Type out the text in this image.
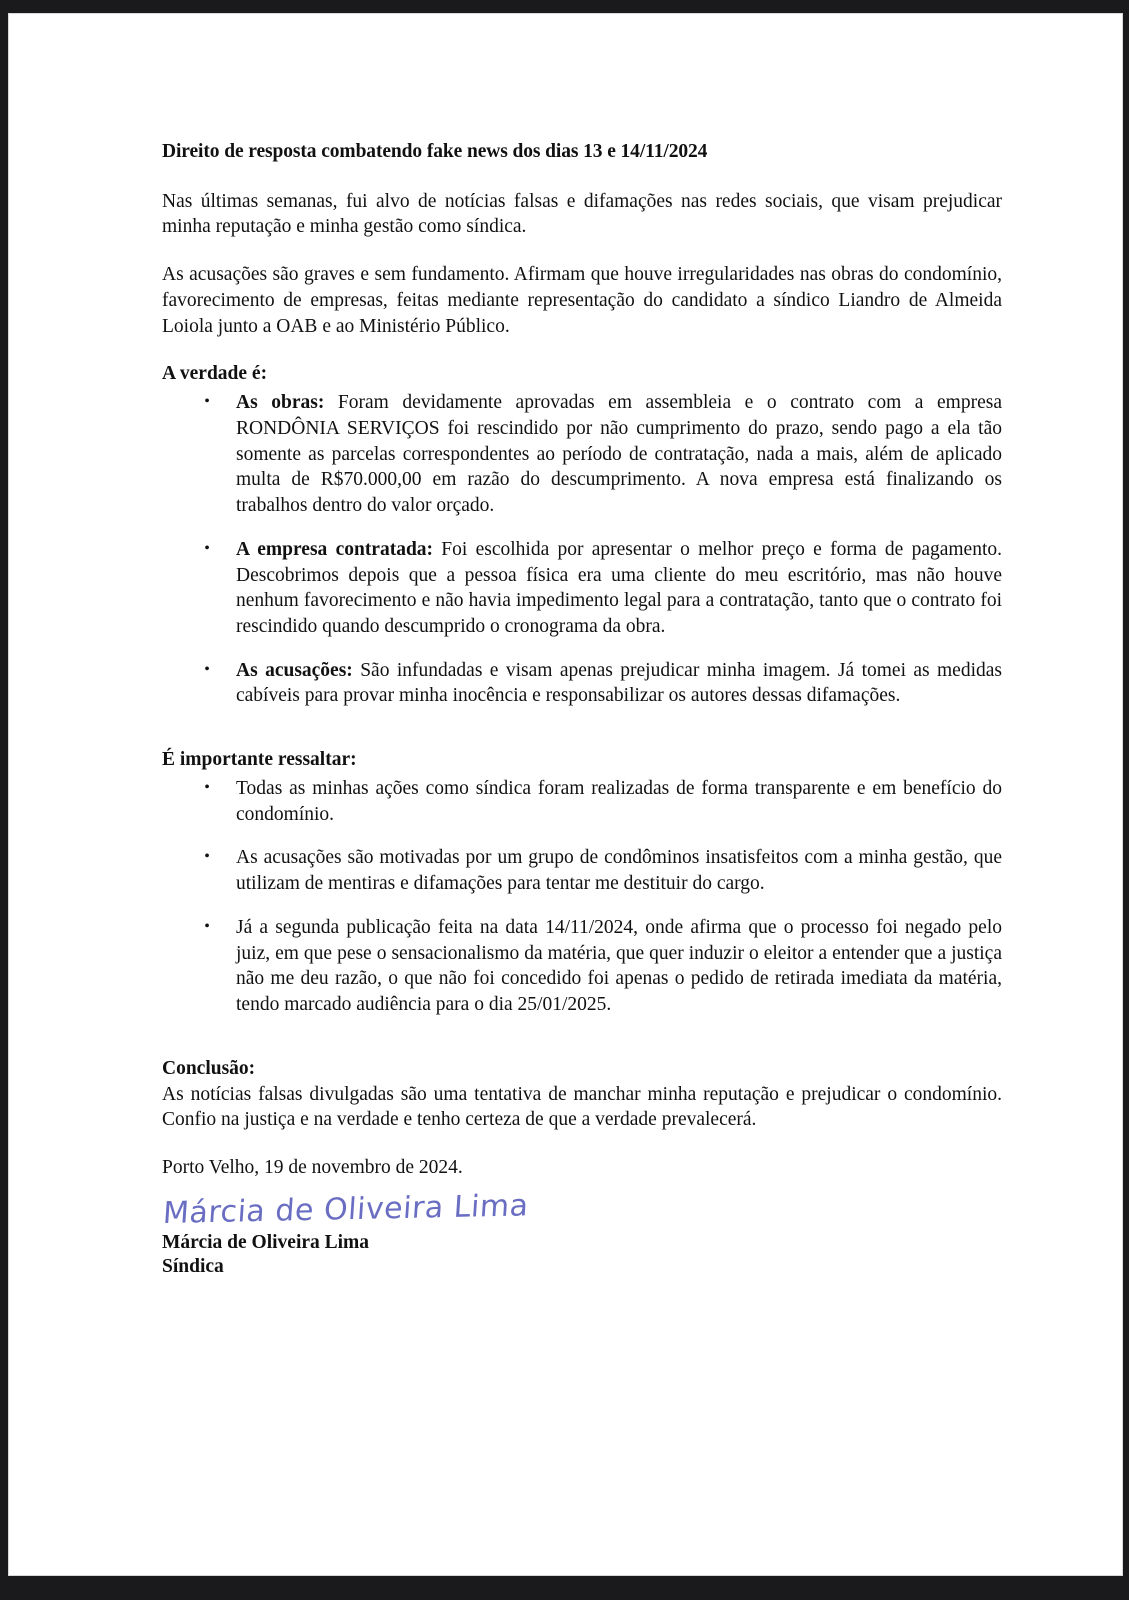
Direito de resposta combatendo fake news dos dias 13 e 14/11/2024

Nas últimas semanas, fui alvo de notícias falsas e difamações nas redes sociais, que visam prejudicar minha reputação e minha gestão como síndica.

As acusações são graves e sem fundamento. Afirmam que houve irregularidades nas obras do condomínio, favorecimento de empresas, feitas mediante representação do candidato a síndico Liandro de Almeida Loiola junto a OAB e ao Ministério Público.

A verdade é:
• As obras: Foram devidamente aprovadas em assembleia e o contrato com a empresa RONDÔNIA SERVIÇOS foi rescindido por não cumprimento do prazo, sendo pago a ela tão somente as parcelas correspondentes ao período de contratação, nada a mais, além de aplicado multa de R$70.000,00 em razão do descumprimento. A nova empresa está finalizando os trabalhos dentro do valor orçado.
• A empresa contratada: Foi escolhida por apresentar o melhor preço e forma de pagamento. Descobrimos depois que a pessoa física era uma cliente do meu escritório, mas não houve nenhum favorecimento e não havia impedimento legal para a contratação, tanto que o contrato foi rescindido quando descumprido o cronograma da obra.
• As acusações: São infundadas e visam apenas prejudicar minha imagem. Já tomei as medidas cabíveis para provar minha inocência e responsabilizar os autores dessas difamações.
É importante ressaltar:
• Todas as minhas ações como síndica foram realizadas de forma transparente e em benefício do condomínio.
• As acusações são motivadas por um grupo de condôminos insatisfeitos com a minha gestão, que utilizam de mentiras e difamações para tentar me destituir do cargo.
• Já a segunda publicação feita na data 14/11/2024, onde afirma que o processo foi negado pelo juiz, em que pese o sensacionalismo da matéria, que quer induzir o eleitor a entender que a justiça não me deu razão, o que não foi concedido foi apenas o pedido de retirada imediata da matéria, tendo marcado audiência para o dia 25/01/2025.
Conclusão:

As notícias falsas divulgadas são uma tentativa de manchar minha reputação e prejudicar o condomínio. Confio na justiça e na verdade e tenho certeza de que a verdade prevalecerá.

Porto Velho, 19 de novembro de 2024.

Márcia de Oliveira Lima

Márcia de Oliveira Lima

Síndica
